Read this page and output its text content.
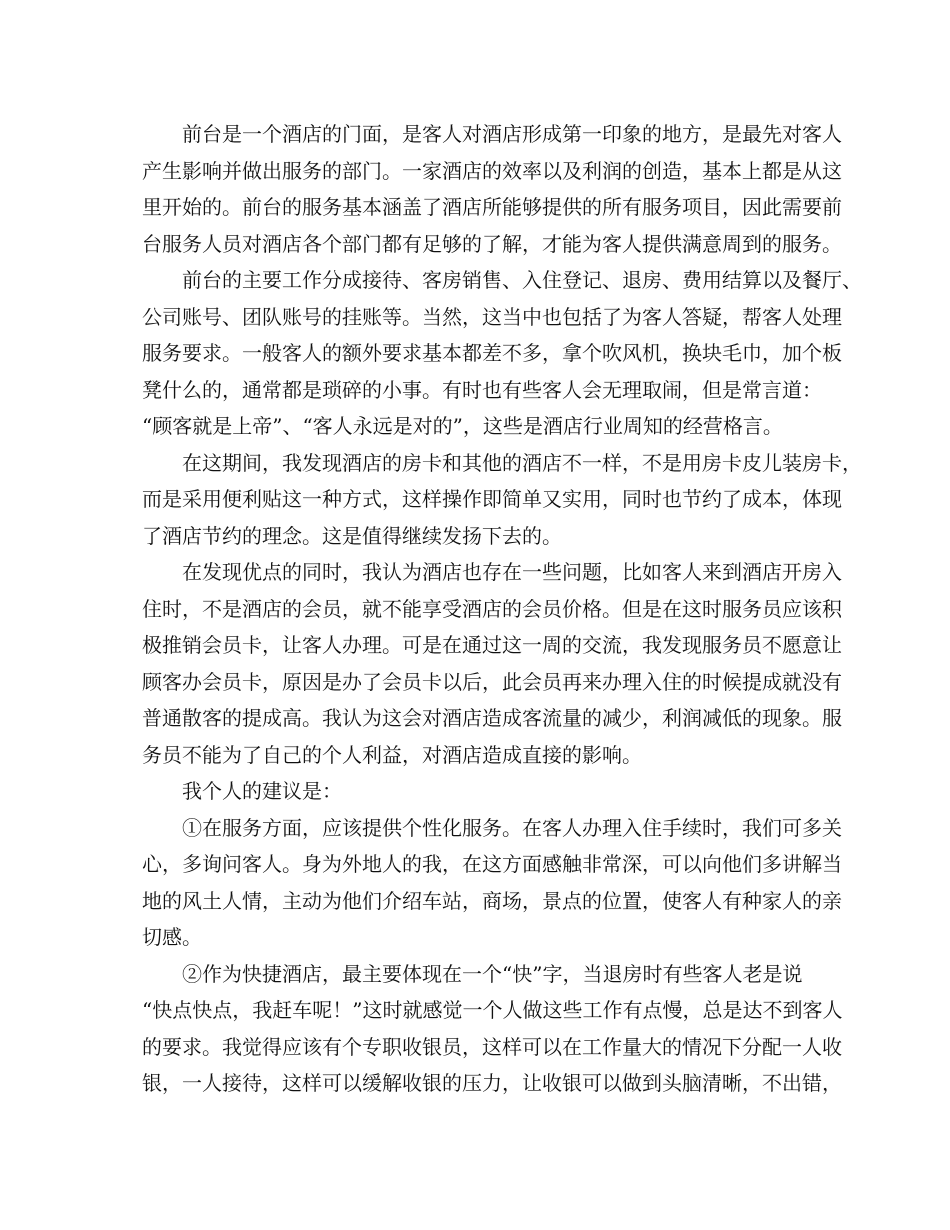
前台是一个酒店的门面，是客人对酒店形成第一印象的地方，是最先对客人

产生影响并做出服务的部门。一家酒店的效率以及利润的创造，基本上都是从这

里开始的。前台的服务基本涵盖了酒店所能够提供的所有服务项目，因此需要前

台服务人员对酒店各个部门都有足够的了解，才能为客人提供满意周到的服务。

前台的主要工作分成接待、客房销售、入住登记、退房、费用结算以及餐厅、

公司账号、团队账号的挂账等。当然，这当中也包括了为客人答疑，帮客人处理

服务要求。一般客人的额外要求基本都差不多，拿个吹风机，换块毛巾，加个板

凳什么的，通常都是琐碎的小事。有时也有些客人会无理取闹，但是常言道：

“顾客就是上帝”、“客人永远是对的”，这些是酒店行业周知的经营格言。

在这期间，我发现酒店的房卡和其他的酒店不一样，不是用房卡皮儿装房卡，

而是采用便利贴这一种方式，这样操作即简单又实用，同时也节约了成本，体现

了酒店节约的理念。这是值得继续发扬下去的。

在发现优点的同时，我认为酒店也存在一些问题，比如客人来到酒店开房入

住时，不是酒店的会员，就不能享受酒店的会员价格。但是在这时服务员应该积

极推销会员卡，让客人办理。可是在通过这一周的交流，我发现服务员不愿意让

顾客办会员卡，原因是办了会员卡以后，此会员再来办理入住的时候提成就没有

普通散客的提成高。我认为这会对酒店造成客流量的减少，利润减低的现象。服

务员不能为了自己的个人利益，对酒店造成直接的影响。

我个人的建议是：

①在服务方面，应该提供个性化服务。在客人办理入住手续时，我们可多关

心，多询问客人。身为外地人的我，在这方面感触非常深，可以向他们多讲解当

地的风土人情，主动为他们介绍车站，商场，景点的位置，使客人有种家人的亲

切感。

②作为快捷酒店，最主要体现在一个“快”字，当退房时有些客人老是说

“快点快点，我赶车呢！”这时就感觉一个人做这些工作有点慢，总是达不到客人

的要求。我觉得应该有个专职收银员，这样可以在工作量大的情况下分配一人收

银，一人接待，这样可以缓解收银的压力，让收银可以做到头脑清晰，不出错，
